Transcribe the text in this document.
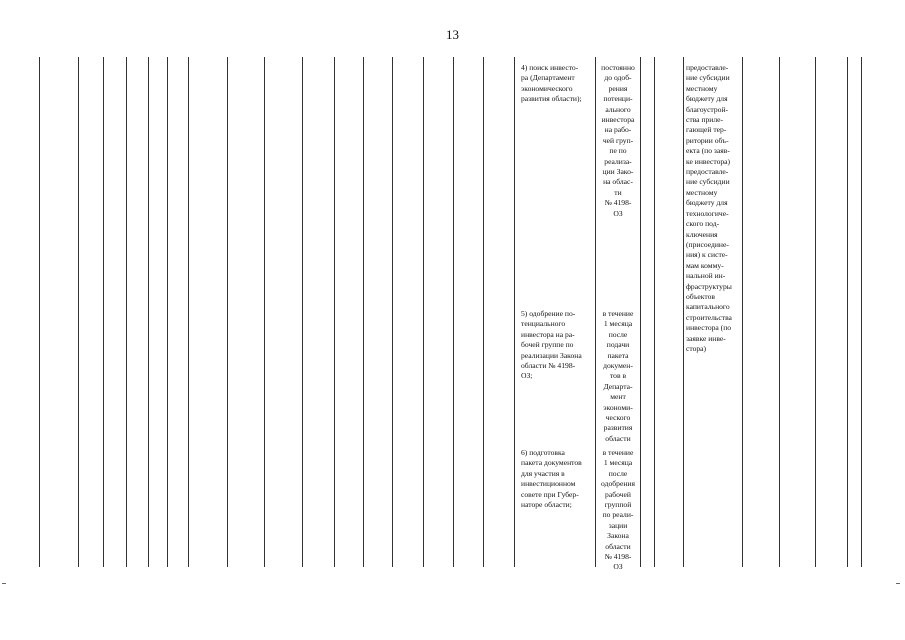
13
4) поиск инвесто-
ра (Департамент
экономического
развития области);
постоянно
до одоб-
рения
потенци-
ального
инвестора
на рабо-
чей груп-
пе по
реализа-
ции Зако-
на облас-
ти
№ 4198-
ОЗ
5) одобрение по-
тенциального
инвестора на ра-
бочей группе по
реализации Закона
области № 4198-
ОЗ;
в течение
1 месяца
после
подачи
пакета
докумен-
тов в
Департа-
мент
экономи-
ческого
развития
области
6) подготовка
пакета документов
для участия в
инвестиционном
совете при Губер-
наторе области;
в течение
1 месяца
после
одобрения
рабочей
группой
по реали-
зации
Закона
области
№ 4198-
ОЗ
предоставле-
ние субсидии
местному
бюджету для
благоустрой-
ства приле-
гающей тер-
ритории объ-
екта (по заяв-
ке инвестора)
предоставле-
ние субсидии
местному
бюджету для
технологиче-
ского под-
ключения
(присоедине-
ния) к систе-
мам комму-
нальной ин-
фраструктуры
объектов
капитального
строительства
инвестора (по
заявке инве-
стора)
